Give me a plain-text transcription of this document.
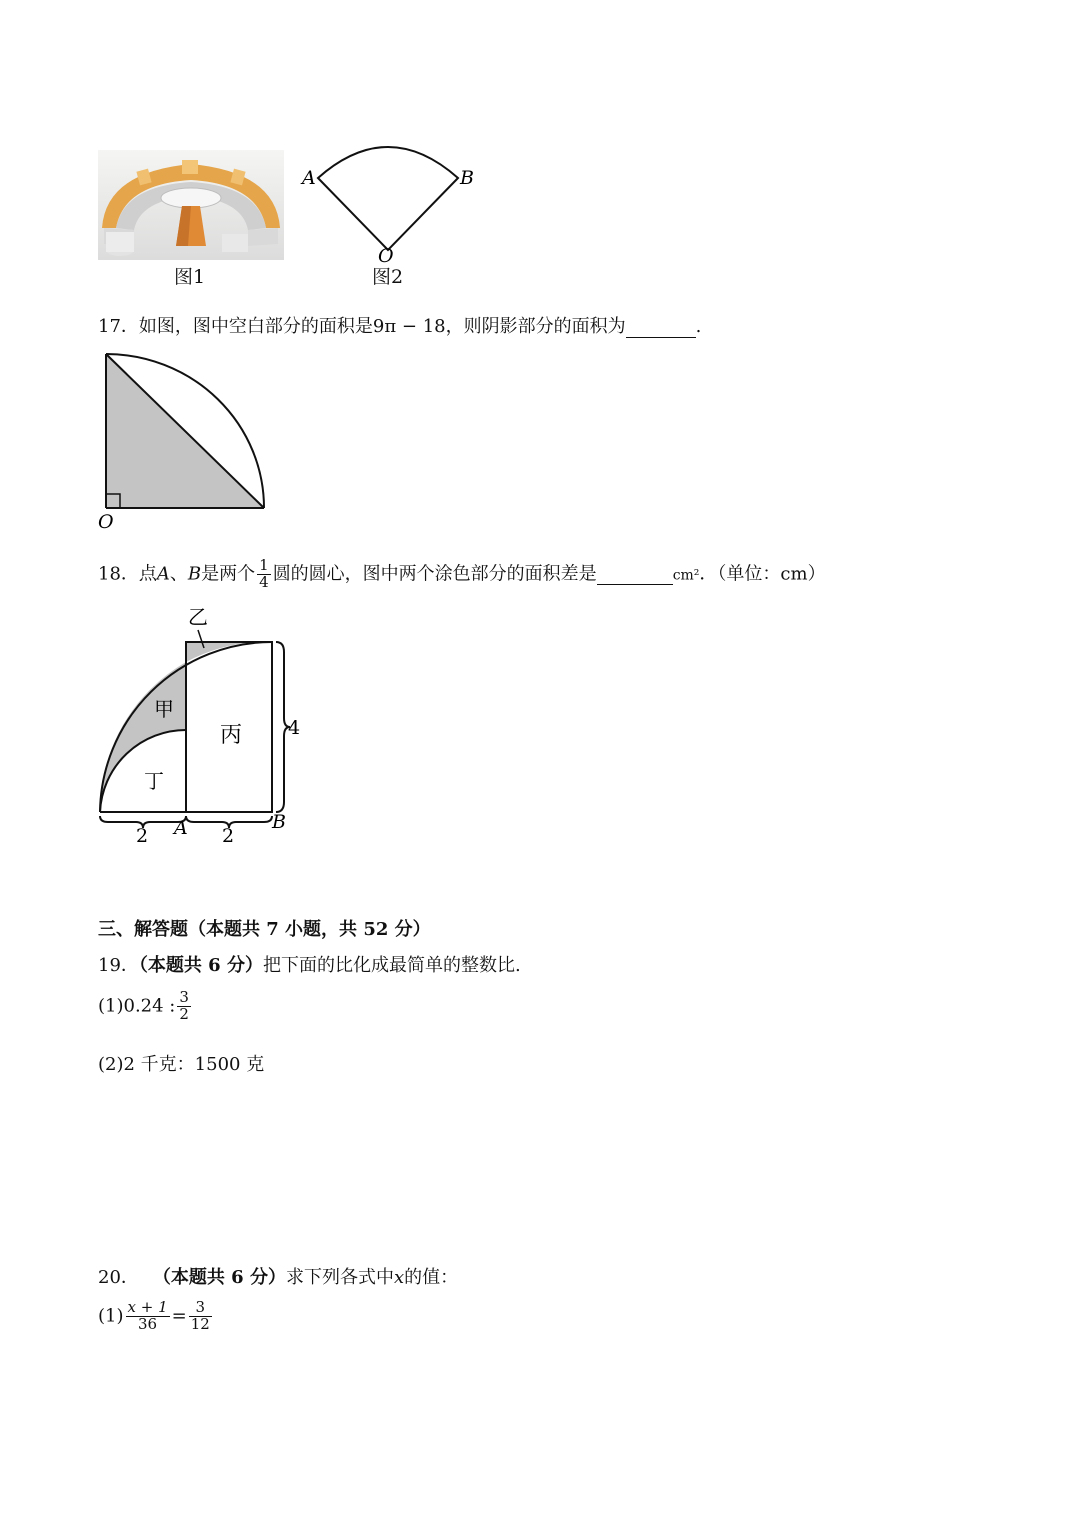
图1
A	B
O
图2
17．如图，图中空白部分的面积是9π − 18，则阴影部分的面积为	.
O
18．点A、B是两个 $\frac{1}{4}$ 圆的圆心，图中两个涂色部分的面积差是	cm²．（单位：cm）
乙
甲
丙
丁
4
2 A 2
B
三、解答题（本题共 7 小题，共 52 分）
19．（本题共 6 分）把下面的比化成最简单的整数比.
(1)0.24 : $\frac{3}{2}$
(2)2 千克：1500 克
20． （本题共 6 分）求下列各式中x的值：
$(1) \frac{x + 1}{36} = \frac{3}{12}$
